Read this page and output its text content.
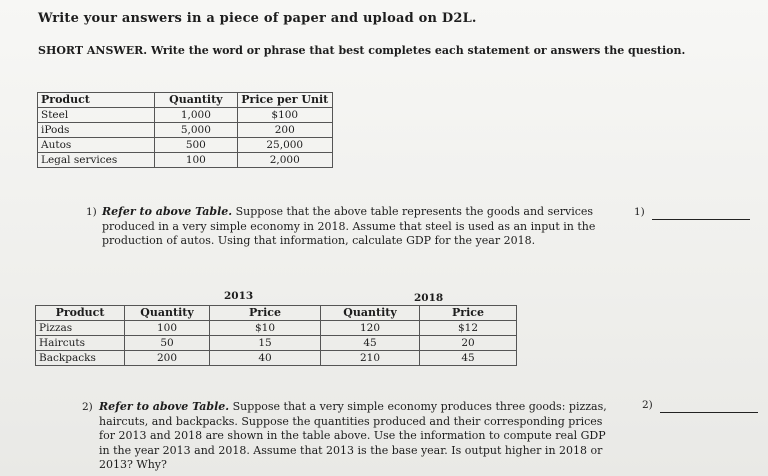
Write your answers in a piece of paper and upload on D2L.
SHORT ANSWER. Write the word or phrase that best completes each statement or answers the question.
Product	Quantity	Price per Unit
Steel	1,000	$100
iPods	5,000	200
Autos	500	25,000
Legal services	100	2,000
1) Refer to above Table. Suppose that the above table represents the goods and services
produced in a very simple economy in 2018. Assume that steel is used as an input in the
production of autos. Using that information, calculate GDP for the year 2018.
1)
2013	2018
Product	Quantity	Price	Quantity	Price
Pizzas	100	$10	120	$12
Haircuts	50	15	45	20
Backpacks	200	40	210	45
2) Refer to above Table. Suppose that a very simple economy produces three goods: pizzas,
haircuts, and backpacks. Suppose the quantities produced and their corresponding prices
for 2013 and 2018 are shown in the table above. Use the information to compute real GDP
in the year 2013 and 2018. Assume that 2013 is the base year. Is output higher in 2018 or
2013? Why?
2)
